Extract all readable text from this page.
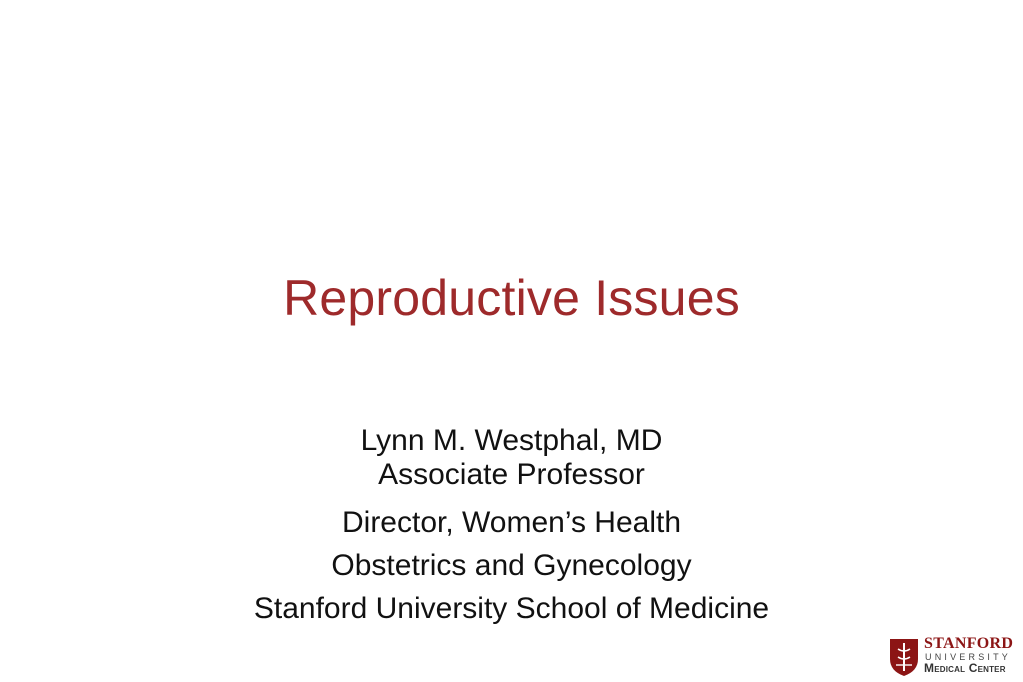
Reproductive Issues
Lynn M. Westphal, MD
Associate Professor
Director, Women’s Health
Obstetrics and Gynecology
Stanford University School of Medicine
STANFORD
UNIVERSITY
Medical Center
